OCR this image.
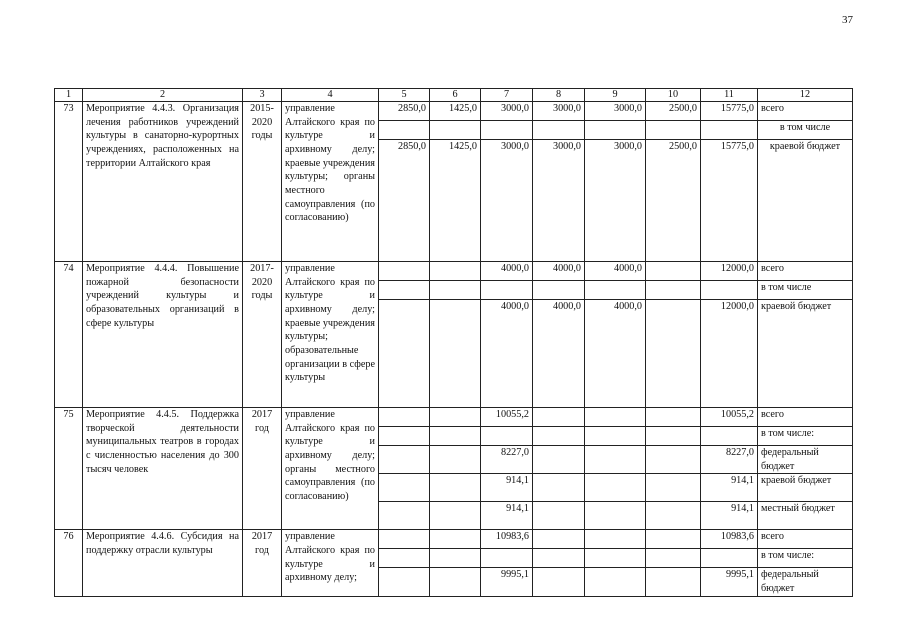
37
1	2	3	4	5	6	7	8	9	10	11	12
73	Мероприятие 4.4.3. Организация лечения работников учреждений культуры в санаторно-курортных учреждениях, расположенных на территории Алтайского края	2015-2020 годы	управление Алтайского края по культуре и архивному делу; краевые учреждения культуры; органы местного самоуправления (по согласованию)	2850,0	1425,0	3000,0	3000,0	3000,0	2500,0	15775,0	всего
											в том числе
				2850,0	1425,0	3000,0	3000,0	3000,0	2500,0	15775,0	краевой бюджет
74	Мероприятие 4.4.4. Повышение пожарной безопасности учреждений культуры и образовательных организаций в сфере культуры	2017-2020 годы	управление Алтайского края по культуре и архивному делу; краевые учреждения культуры; образовательные организации в сфере культуры			4000,0	4000,0	4000,0		12000,0	всего
											в том числе
						4000,0	4000,0	4000,0		12000,0	краевой бюджет
75	Мероприятие 4.4.5. Поддержка творческой деятельности муниципальных театров в городах с численностью населения до 300 тысяч человек	2017 год	управление Алтайского края по культуре и архивному делу; органы местного самоуправления (по согласованию)			10055,2				10055,2	всего
											в том числе:
						8227,0				8227,0	федеральный бюджет
						914,1				914,1	краевой бюджет
						914,1				914,1	местный бюджет
76	Мероприятие 4.4.6. Субсидия на поддержку отрасли культуры	2017 год	управление Алтайского края по культуре и архивному делу;			10983,6				10983,6	всего
											в том числе:
						9995,1				9995,1	федеральный бюджет
